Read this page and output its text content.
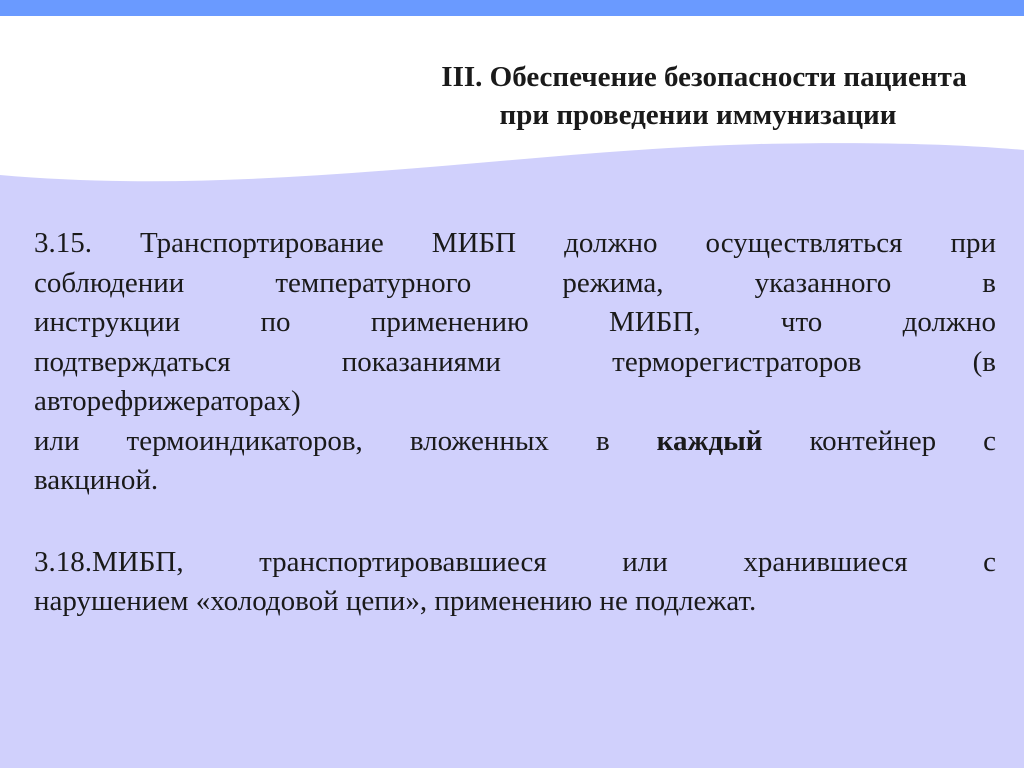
III. Обеспечение безопасности пациента
при проведении иммунизации

3.15. Транспортирование МИБП должно осуществляться при
соблюдении температурного режима, указанного в
инструкции по применению МИБП, что должно
подтверждаться показаниями терморегистраторов (в
авторефрижераторах)
или термоиндикаторов, вложенных в каждый контейнер с
вакциной.

3.18.МИБП, транспортировавшиеся или хранившиеся с
нарушением «холодовой цепи», применению не подлежат.
